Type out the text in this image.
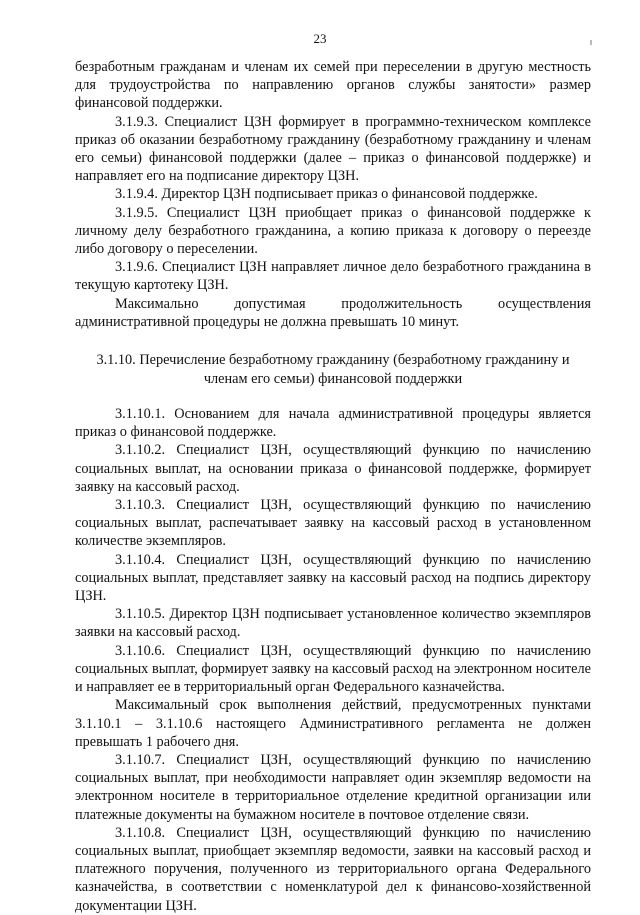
23

безработным гражданам и членам их семей при переселении в другую местность для трудоустройства по направлению органов службы занятости» размер финансовой поддержки.

3.1.9.3. Специалист ЦЗН формирует в программно-техническом комплексе приказ об оказании безработному гражданину (безработному гражданину и членам его семьи) финансовой поддержки (далее – приказ о финансовой поддержке) и направляет его на подписание директору ЦЗН.

3.1.9.4. Директор ЦЗН подписывает приказ о финансовой поддержке.

3.1.9.5. Специалист ЦЗН приобщает приказ о финансовой поддержке к личному делу безработного гражданина, а копию приказа к договору о переезде либо договору о переселении.

3.1.9.6. Специалист ЦЗН направляет личное дело безработного гражданина в текущую картотеку ЦЗН.

Максимально допустимая продолжительность осуществления административной процедуры не должна превышать 10 минут.

3.1.10. Перечисление безработному гражданину (безработному гражданину и членам его семьи) финансовой поддержки

3.1.10.1. Основанием для начала административной процедуры является приказ о финансовой поддержке.

3.1.10.2. Специалист ЦЗН, осуществляющий функцию по начислению социальных выплат, на основании приказа о финансовой поддержке, формирует заявку на кассовый расход.

3.1.10.3. Специалист ЦЗН, осуществляющий функцию по начислению социальных выплат, распечатывает заявку на кассовый расход в установленном количестве экземпляров.

3.1.10.4. Специалист ЦЗН, осуществляющий функцию по начислению социальных выплат, представляет заявку на кассовый расход на подпись директору ЦЗН.

3.1.10.5. Директор ЦЗН подписывает установленное количество экземпляров заявки на кассовый расход.

3.1.10.6. Специалист ЦЗН, осуществляющий функцию по начислению социальных выплат, формирует заявку на кассовый расход на электронном носителе и направляет ее в территориальный орган Федерального казначейства.

Максимальный срок выполнения действий, предусмотренных пунктами 3.1.10.1 – 3.1.10.6 настоящего Административного регламента не должен превышать 1 рабочего дня.

3.1.10.7. Специалист ЦЗН, осуществляющий функцию по начислению социальных выплат, при необходимости направляет один экземпляр ведомости на электронном носителе в территориальное отделение кредитной организации или платежные документы на бумажном носителе в почтовое отделение связи.

3.1.10.8. Специалист ЦЗН, осуществляющий функцию по начислению социальных выплат, приобщает экземпляр ведомости, заявки на кассовый расход и платежного поручения, полученного из территориального органа Федерального казначейства, в соответствии с номенклатурой дел к финансово-хозяйственной документации ЦЗН.
